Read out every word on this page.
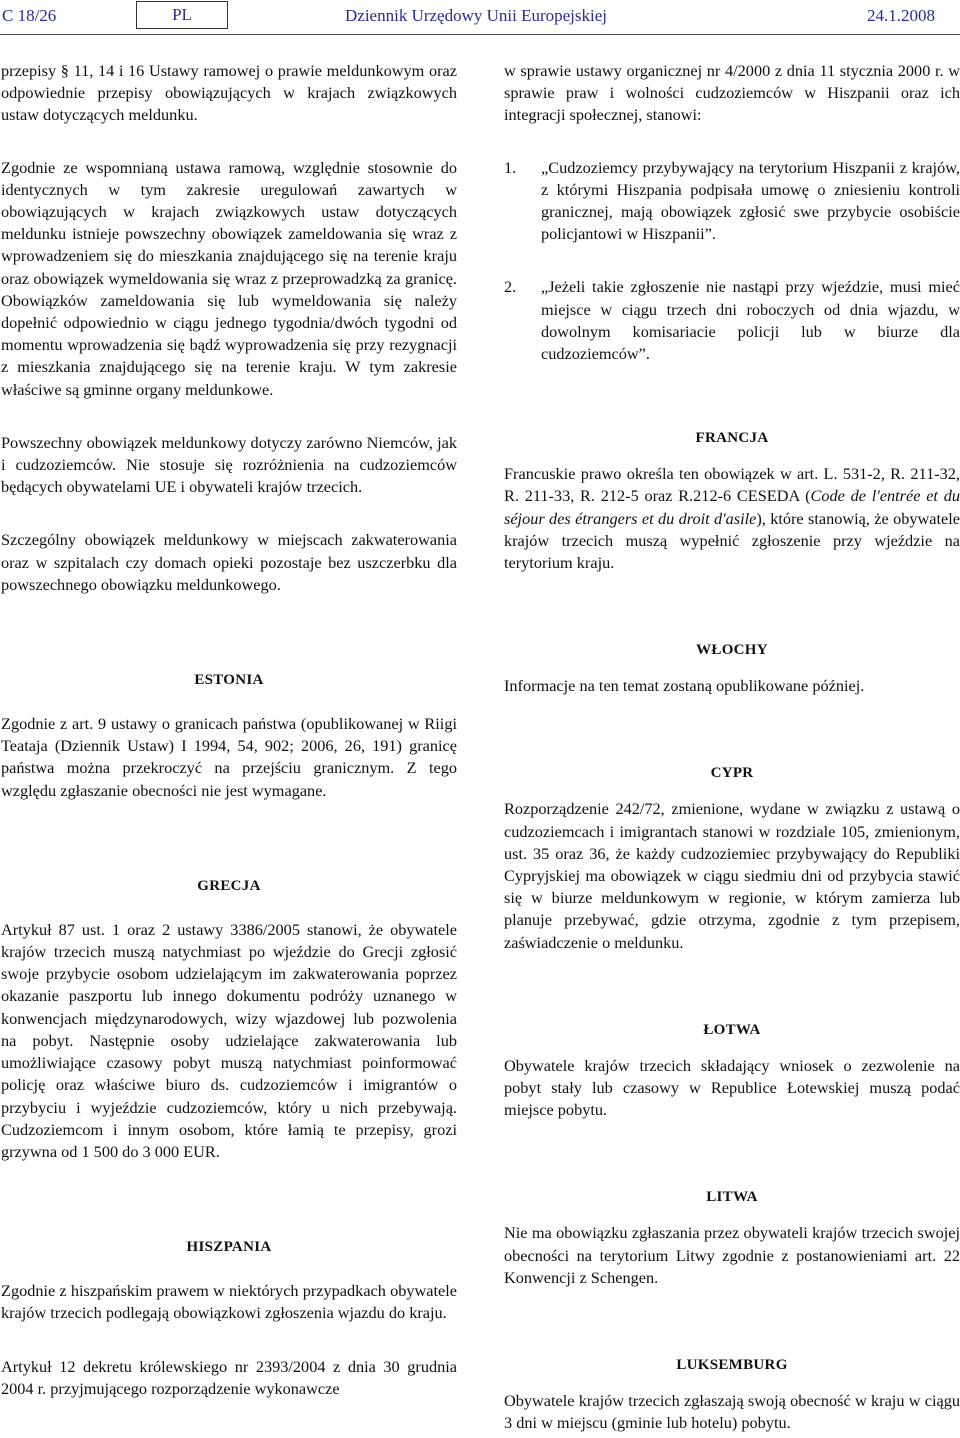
C 18/26	PL	Dziennik Urzędowy Unii Europejskiej	24.1.2008

przepisy § 11, 14 i 16 Ustawy ramowej o prawie meldunkowym oraz odpowiednie przepisy obowiązujących w krajach związkowych ustaw dotyczących meldunku.

Zgodnie ze wspomnianą ustawa ramową, względnie stosownie do identycznych w tym zakresie uregulowań zawartych w obowiązujących w krajach związkowych ustaw dotyczących meldunku istnieje powszechny obowiązek zameldowania się wraz z wprowadzeniem się do mieszkania znajdującego się na terenie kraju oraz obowiązek wymeldowania się wraz z przeprowadzką za granicę. Obowiązków zameldowania się lub wymeldowania się należy dopełnić odpowiednio w ciągu jednego tygodnia/dwóch tygodni od momentu wprowadzenia się bądź wyprowadzenia się przy rezygnacji z mieszkania znajdującego się na terenie kraju. W tym zakresie właściwe są gminne organy meldunkowe.

Powszechny obowiązek meldunkowy dotyczy zarówno Niemców, jak i cudzoziemców. Nie stosuje się rozróżnienia na cudzoziemców będących obywatelami UE i obywateli krajów trzecich.

Szczególny obowiązek meldunkowy w miejscach zakwaterowania oraz w szpitalach czy domach opieki pozostaje bez uszczerbku dla powszechnego obowiązku meldunkowego.

ESTONIA

Zgodnie z art. 9 ustawy o granicach państwa (opublikowanej w Riigi Teataja (Dziennik Ustaw) I 1994, 54, 902; 2006, 26, 191) granicę państwa można przekroczyć na przejściu granicznym. Z tego względu zgłaszanie obecności nie jest wymagane.

GRECJA

Artykuł 87 ust. 1 oraz 2 ustawy 3386/2005 stanowi, że obywatele krajów trzecich muszą natychmiast po wjeździe do Grecji zgłosić swoje przybycie osobom udzielającym im zakwaterowania poprzez okazanie paszportu lub innego dokumentu podróży uznanego w konwencjach międzynarodowych, wizy wjazdowej lub pozwolenia na pobyt. Następnie osoby udzielające zakwaterowania lub umożliwiające czasowy pobyt muszą natychmiast poinformować policję oraz właściwe biuro ds. cudzoziemców i imigrantów o przybyciu i wyjeździe cudzoziemców, który u nich przebywają. Cudzoziemcom i innym osobom, które łamią te przepisy, grozi grzywna od 1 500 do 3 000 EUR.

HISZPANIA

Zgodnie z hiszpańskim prawem w niektórych przypadkach obywatele krajów trzecich podlegają obowiązkowi zgłoszenia wjazdu do kraju.

Artykuł 12 dekretu królewskiego nr 2393/2004 z dnia 30 grudnia 2004 r. przyjmującego rozporządzenie wykonawcze

w sprawie ustawy organicznej nr 4/2000 z dnia 11 stycznia 2000 r. w sprawie praw i wolności cudzoziemców w Hiszpanii oraz ich integracji społecznej, stanowi:

1. „Cudzoziemcy przybywający na terytorium Hiszpanii z krajów, z którymi Hiszpania podpisała umowę o zniesieniu kontroli granicznej, mają obowiązek zgłosić swe przybycie osobiście policjantowi w Hiszpanii”.
2. „Jeżeli takie zgłoszenie nie nastąpi przy wjeździe, musi mieć miejsce w ciągu trzech dni roboczych od dnia wjazdu, w dowolnym komisariacie policji lub w biurze dla cudzoziemców”.

FRANCJA

Francuskie prawo określa ten obowiązek w art. L. 531-2, R. 211-32, R. 211-33, R. 212-5 oraz R.212-6 CESEDA (Code de l'entrée et du séjour des étrangers et du droit d'asile), które stanowią, że obywatele krajów trzecich muszą wypełnić zgłoszenie przy wjeździe na terytorium kraju.

WŁOCHY

Informacje na ten temat zostaną opublikowane później.

CYPR

Rozporządzenie 242/72, zmienione, wydane w związku z ustawą o cudzoziemcach i imigrantach stanowi w rozdziale 105, zmienionym, ust. 35 oraz 36, że każdy cudzoziemiec przybywający do Republiki Cypryjskiej ma obowiązek w ciągu siedmiu dni od przybycia stawić się w biurze meldunkowym w regionie, w którym zamierza lub planuje przebywać, gdzie otrzyma, zgodnie z tym przepisem, zaświadczenie o meldunku.

ŁOTWA

Obywatele krajów trzecich składający wniosek o zezwolenie na pobyt stały lub czasowy w Republice Łotewskiej muszą podać miejsce pobytu.

LITWA

Nie ma obowiązku zgłaszania przez obywateli krajów trzecich swojej obecności na terytorium Litwy zgodnie z postanowieniami art. 22 Konwencji z Schengen.

LUKSEMBURG

Obywatele krajów trzecich zgłaszają swoją obecność w kraju w ciągu 3 dni w miejscu (gminie lub hotelu) pobytu.
